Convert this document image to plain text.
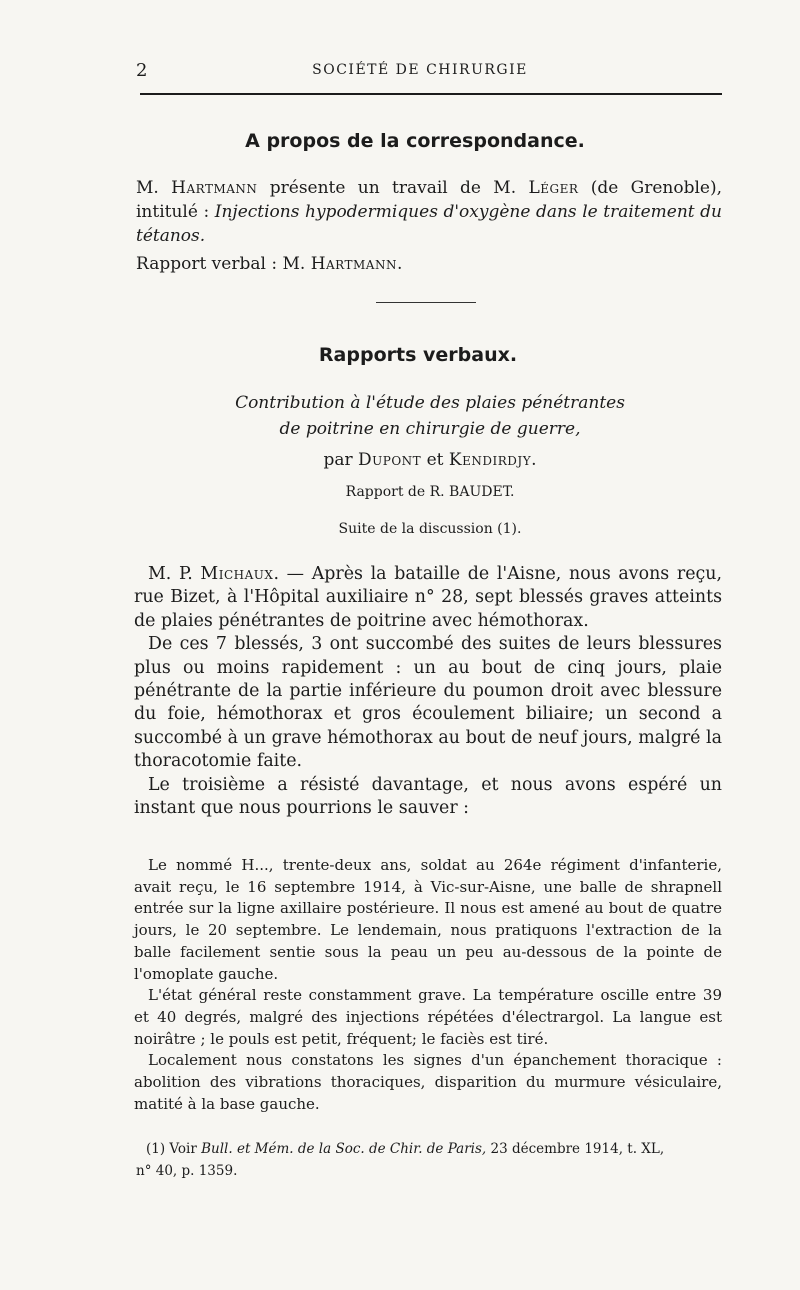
2	SOCIÉTÉ DE CHIRURGIE
A propos de la correspondance.
M. Hartmann présente un travail de M. Léger (de Grenoble), intitulé : Injections hypodermiques d'oxygène dans le traitement du tétanos.
Rapport verbal : M. Hartmann.
Rapports verbaux.
Contribution à l'étude des plaies pénétrantes
de poitrine en chirurgie de guerre,
par Dupont et Kendirdjy.
Rapport de R. BAUDET.
Suite de la discussion (1).

M. P. Michaux. — Après la bataille de l'Aisne, nous avons reçu, rue Bizet, à l'Hôpital auxiliaire n° 28, sept blessés graves atteints de plaies pénétrantes de poitrine avec hémothorax.

De ces 7 blessés, 3 ont succombé des suites de leurs blessures plus ou moins rapidement : un au bout de cinq jours, plaie pénétrante de la partie inférieure du poumon droit avec blessure du foie, hémothorax et gros écoulement biliaire; un second a succombé à un grave hémothorax au bout de neuf jours, malgré la thoracotomie faite.

Le troisième a résisté davantage, et nous avons espéré un instant que nous pourrions le sauver :

Le nommé H..., trente-deux ans, soldat au 264e régiment d'infanterie, avait reçu, le 16 septembre 1914, à Vic-sur-Aisne, une balle de shrapnell entrée sur la ligne axillaire postérieure. Il nous est amené au bout de quatre jours, le 20 septembre. Le lendemain, nous pratiquons l'extraction de la balle facilement sentie sous la peau un peu au-dessous de la pointe de l'omoplate gauche.

L'état général reste constamment grave. La température oscille entre 39 et 40 degrés, malgré des injections répétées d'électrargol. La langue est noirâtre ; le pouls est petit, fréquent; le faciès est tiré.

Localement nous constatons les signes d'un épanchement thoracique : abolition des vibrations thoraciques, disparition du murmure vésiculaire, matité à la base gauche.

(1) Voir Bull. et Mém. de la Soc. de Chir. de Paris, 23 décembre 1914, t. XL,
n° 40, p. 1359.
